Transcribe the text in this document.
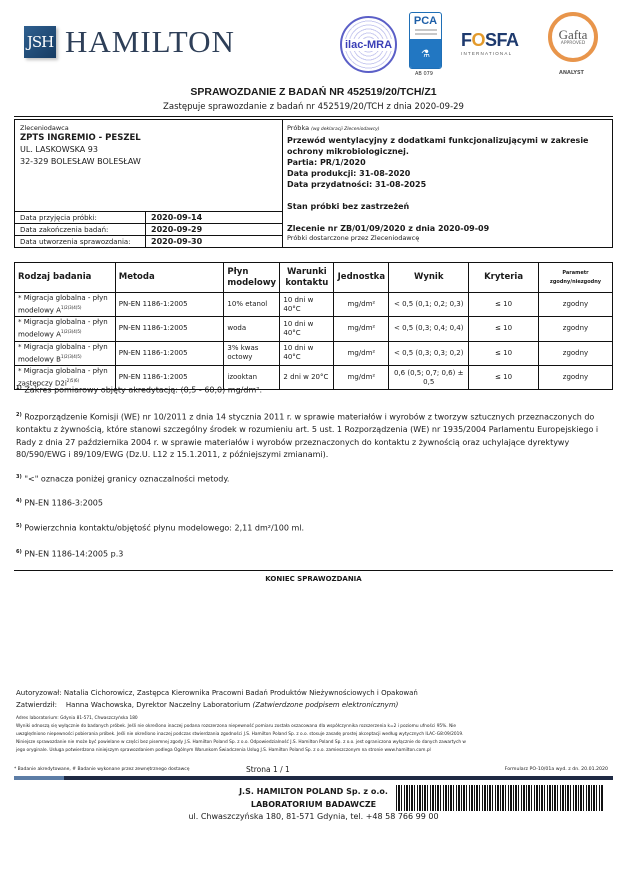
JSH HAMILTON	ilac-MRA
PCA
⚗
AB 079
FOSFA
INTERNATIONAL
Gafta
APPROVED
ANALYST
SPRAWOZDANIE Z BADAŃ NR 452519/20/TCH/Z1
Zastępuje sprawozdanie z badań nr 452519/20/TCH z dnia 2020-09-29
Zleceniodawca
ZPTS INGREMIO - PESZEL
UL. LASKOWSKA 93
32-329 BOLESŁAW BOLESŁAW
Data przyjęcia próbki:	2020-09-14
Data zakończenia badań:	2020-09-29
Data utworzenia sprawozdania:	2020-09-30
Próbka (wg deklaracji Zleceniodawcy)
Przewód wentylacyjny z dodatkami funkcjonalizującymi w zakresie ochrony mikrobiologicznej.
Partia: PR/1/2020
Data produkcji: 31-08-2020
Data przydatności: 31-08-2025
Stan próbki bez zastrzeżeń
Zlecenie nr ZB/01/09/2020 z dnia 2020-09-09
Próbki dostarczone przez Zleceniodawcę
Rodzaj badania	Metoda	Płyn modelowy	Warunki kontaktu	Jednostka	Wynik	Kryteria	Parametr zgodny/niezgodny
* Migracja globalna - płyn modelowy $A^{1)2)3)4)5)}$	PN-EN 1186-1:2005	10% etanol	10 dni w 40°C	mg/dm²	< 0,5 (0,1; 0,2; 0,3)	≤ 10	zgodny
* Migracja globalna - płyn modelowy $A^{1)2)3)4)5)}$	PN-EN 1186-1:2005	woda	10 dni w 40°C	mg/dm²	< 0,5 (0,3; 0,4; 0,4)	≤ 10	zgodny
* Migracja globalna - płyn modelowy $B^{1)2)3)4)5)}$	PN-EN 1186-1:2005	3% kwas octowy	10 dni w 40°C	mg/dm²	< 0,5 (0,3; 0,3; 0,2)	≤ 10	zgodny
* Migracja globalna - płyn zastępczy $D2i^{2)5)6)}$	PN-EN 1186-1:2005	izooktan	2 dni w 20°C	mg/dm²	0,6 (0,5; 0,7; 0,6) ± 0,5	≤ 10	zgodny
$^{1)}$ Zakres pomiarowy objęty akredytacją: (0,5 - 60,0) mg/dm².
$^{2)}$ Rozporządzenie Komisji (WE) nr 10/2011 z dnia 14 stycznia 2011 r. w sprawie materiałów i wyrobów z tworzyw sztucznych przeznaczonych do kontaktu z żywnością, które stanowi szczególny środek w rozumieniu art. 5 ust. 1 Rozporządzenia (WE) nr 1935/2004 Parlamentu Europejskiego i Rady z dnia 27 października 2004 r. w sprawie materiałów i wyrobów przeznaczonych do kontaktu z żywnością oraz uchylające dyrektywy 80/590/EWG i 89/109/EWG (Dz.U. L12 z 15.1.2011, z późniejszymi zmianami).
$^{3)}$ "<" oznacza poniżej granicy oznaczalności metody.
$^{4)}$ PN-EN 1186-3:2005
$^{5)}$ Powierzchnia kontaktu/objętość płynu modelowego: 2,11 dm²/100 ml.
$^{6)}$ PN-EN 1186-14:2005 p.3
KONIEC SPRAWOZDANIA
Autoryzował: Natalia Cichorowicz, Zastępca Kierownika Pracowni Badań Produktów Nieżywnościowych i Opakowań
Zatwierdził: Hanna Wachowska, Dyrektor Naczelny Laboratorium (Zatwierdzone podpisem elektronicznym)
Adres laboratorium: Gdynia 81-571, Chwaszczyńska 180
Wyniki odnoszą się wyłącznie do badanych próbek. Jeśli nie określono inaczej podana rozszerzona niepewność pomiaru została oszacowana dla współczynnika rozszerzenia k=2 i poziomu ufności 95%. Nie
uwzględniono niepewności pobierania próbek. Jeśli nie określono inaczej podczas stwierdzania zgodności J.S. Hamilton Poland Sp. z o.o. stosuje zasadę prostej akceptacji według wytycznych ILAC-G8:09/2019.
Niniejsze sprawozdanie nie może być powielane w części bez pisemnej zgody J.S. Hamilton Poland Sp. z o.o. Odpowiedzialność J.S. Hamilton Poland Sp. z o.o. jest ograniczona wyłącznie do danych zawartych w
jego oryginale. Usługa potwierdzona niniejszym sprawozdaniem podlega Ogólnym Warunkom Świadczenia Usług J.S. Hamilton Poland Sp. z o.o. zamieszczonym na stronie www.hamilton.com.pl
* Badanie akredytowane, # Badanie wykonane przez zewnętrznego dostawcę	Strona 1 / 1	Formularz PO-10/01a wyd. z dn. 20.01.2020
J.S. HAMILTON POLAND Sp. z o.o.
LABORATORIUM BADAWCZE
ul. Chwaszczyńska 180, 81-571 Gdynia, tel. +48 58 766 99 00
